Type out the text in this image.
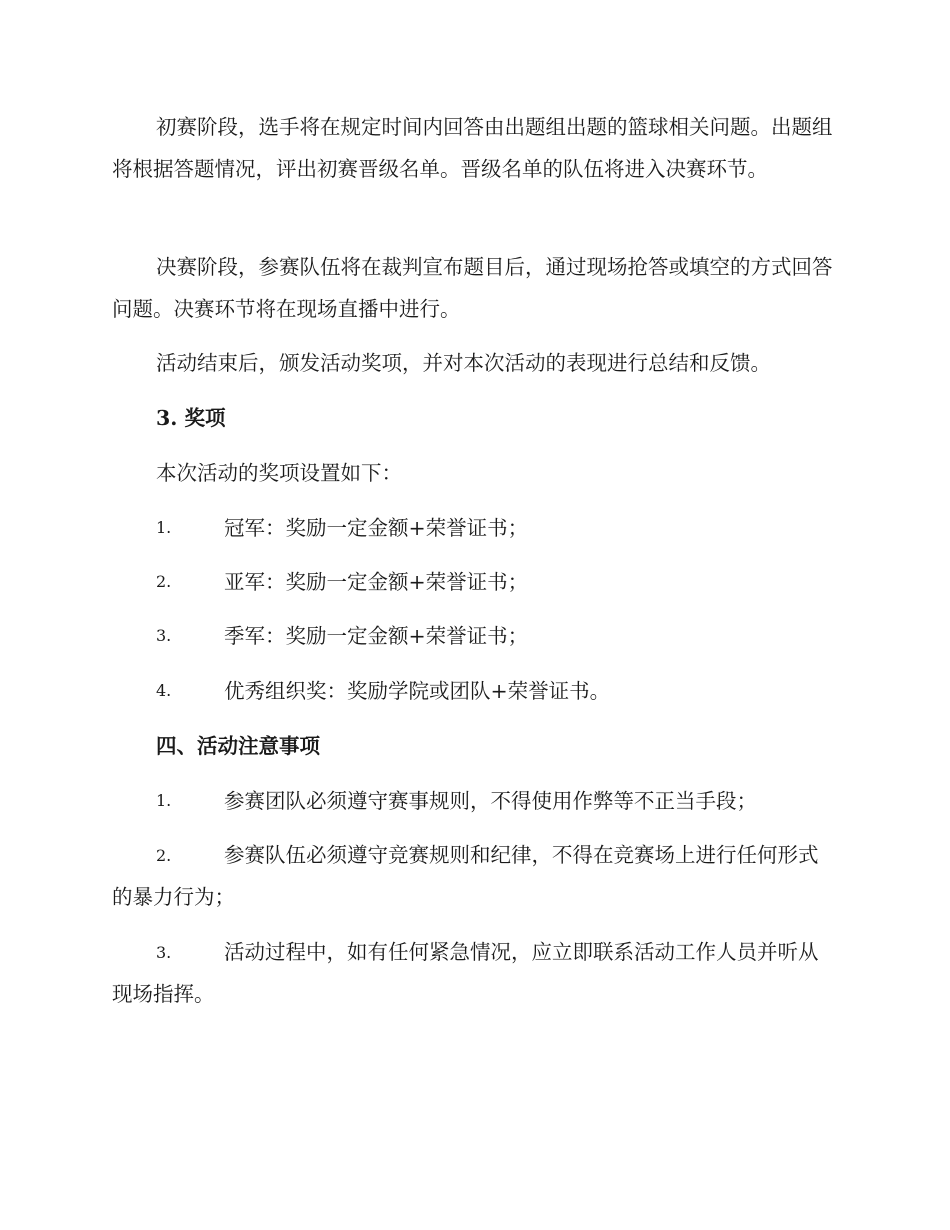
初赛阶段，选手将在规定时间内回答由出题组出题的篮球相关问题。出题组将根据答题情况，评出初赛晋级名单。晋级名单的队伍将进入决赛环节。

决赛阶段，参赛队伍将在裁判宣布题目后，通过现场抢答或填空的方式回答问题。决赛环节将在现场直播中进行。

活动结束后，颁发活动奖项，并对本次活动的表现进行总结和反馈。

3. 奖项

本次活动的奖项设置如下：

1.	冠军：奖励一定金额+荣誉证书；
2.	亚军：奖励一定金额+荣誉证书；
3.	季军：奖励一定金额+荣誉证书；
4.	优秀组织奖：奖励学院或团队+荣誉证书。

四、活动注意事项

1.	参赛团队必须遵守赛事规则，不得使用作弊等不正当手段；
2.	参赛队伍必须遵守竞赛规则和纪律，不得在竞赛场上进行任何形式的暴力行为；

3.	活动过程中，如有任何紧急情况，应立即联系活动工作人员并听从现场指挥。
